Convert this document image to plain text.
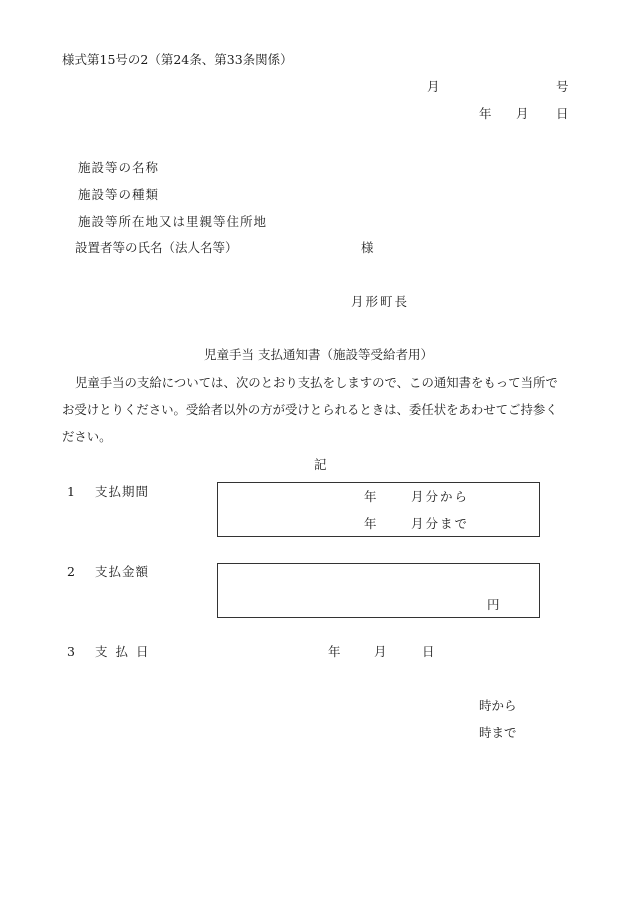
様式第15号の2（第24条、第33条関係）
月	号
年 月 日
施設等の名称
施設等の種類
施設等所在地又は里親等住所地
設置者等の氏名（法人名等）	様
月形町長
児童手当 支払通知書（施設等受給者用）
児童手当の支給については、次のとおり支払をしますので、この通知書をもって当所で
お受けとりください。受給者以外の方が受けとられるときは、委任状をあわせてご持参く
ださい。
記
1 支払期間	年	月分から
年	月分まで
2 支払金額
円
3 支 払 日	年	月	日
時から
時まで
